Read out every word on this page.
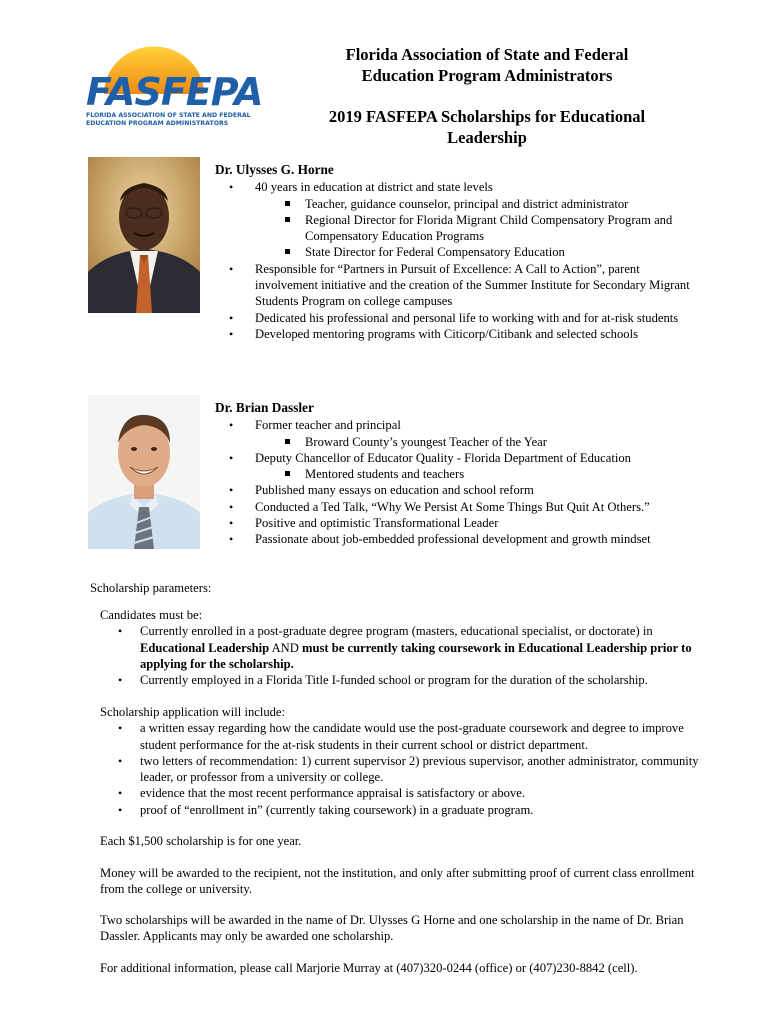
FASFEPA
FLORIDA ASSOCIATION OF STATE AND FEDERAL
EDUCATION PROGRAM ADMINISTRATORS
Florida Association of State and Federal
Education Program Administrators
2019 FASFEPA Scholarships for Educational
Leadership
Dr. Ulysses G. Horne
• 40 years in education at district and state levels
Teacher, guidance counselor, principal and district administrator
Regional Director for Florida Migrant Child Compensatory Program and Compensatory Education Programs
State Director for Federal Compensatory Education
• Responsible for “Partners in Pursuit of Excellence: A Call to Action”, parent involvement initiative and the creation of the Summer Institute for Secondary Migrant Students Program on college campuses
• Dedicated his professional and personal life to working with and for at-risk students
• Developed mentoring programs with Citicorp/Citibank and selected schools
Dr. Brian Dassler
• Former teacher and principal
Broward County’s youngest Teacher of the Year
• Deputy Chancellor of Educator Quality - Florida Department of Education
Mentored students and teachers
• Published many essays on education and school reform
• Conducted a Ted Talk, “Why We Persist At Some Things But Quit At Others.”
• Positive and optimistic Transformational Leader
• Passionate about job-embedded professional development and growth mindset
Scholarship parameters:
Candidates must be:
• Currently enrolled in a post-graduate degree program (masters, educational specialist, or doctorate) in Educational Leadership AND must be currently taking coursework in Educational Leadership prior to applying for the scholarship.
• Currently employed in a Florida Title I-funded school or program for the duration of the scholarship.
Scholarship application will include:
• a written essay regarding how the candidate would use the post-graduate coursework and degree to improve student performance for the at-risk students in their current school or district department.
• two letters of recommendation: 1) current supervisor 2) previous supervisor, another administrator, community leader, or professor from a university or college.
• evidence that the most recent performance appraisal is satisfactory or above.
• proof of “enrollment in” (currently taking coursework) in a graduate program.
Each $1,500 scholarship is for one year.
Money will be awarded to the recipient, not the institution, and only after submitting proof of current class enrollment from the college or university.
Two scholarships will be awarded in the name of Dr. Ulysses G Horne and one scholarship in the name of Dr. Brian Dassler. Applicants may only be awarded one scholarship.
For additional information, please call Marjorie Murray at (407)320-0244 (office) or (407)230-8842 (cell).
